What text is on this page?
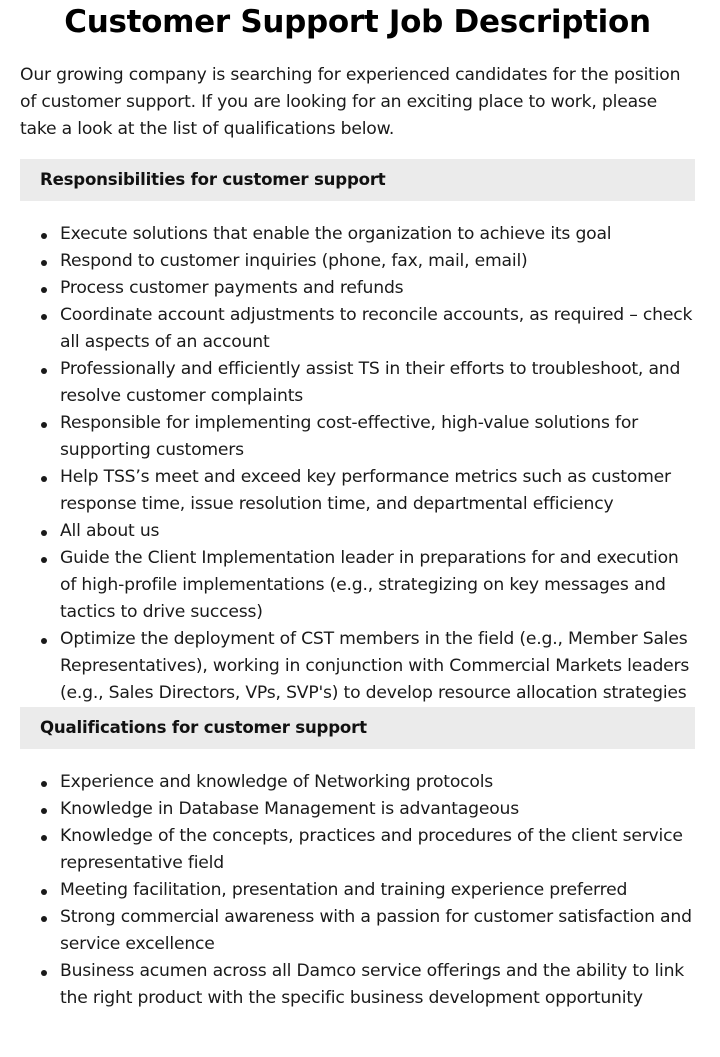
Customer Support Job Description

Our growing company is searching for experienced candidates for the position of customer support. If you are looking for an exciting place to work, please take a look at the list of qualifications below.

Responsibilities for customer support
Execute solutions that enable the organization to achieve its goal
Respond to customer inquiries (phone, fax, mail, email)
Process customer payments and refunds
Coordinate account adjustments to reconcile accounts, as required – check all aspects of an account
Professionally and efficiently assist TS in their efforts to troubleshoot, and resolve customer complaints
Responsible for implementing cost-effective, high-value solutions for supporting customers
Help TSS’s meet and exceed key performance metrics such as customer response time, issue resolution time, and departmental efficiency
All about us
Guide the Client Implementation leader in preparations for and execution of high-profile implementations (e.g., strategizing on key messages and tactics to drive success)
Optimize the deployment of CST members in the field (e.g., Member Sales Representatives), working in conjunction with Commercial Markets leaders (e.g., Sales Directors, VPs, SVP's) to develop resource allocation strategies
Qualifications for customer support
Experience and knowledge of Networking protocols
Knowledge in Database Management is advantageous
Knowledge of the concepts, practices and procedures of the client service representative field
Meeting facilitation, presentation and training experience preferred
Strong commercial awareness with a passion for customer satisfaction and service excellence
Business acumen across all Damco service offerings and the ability to link the right product with the specific business development opportunity
